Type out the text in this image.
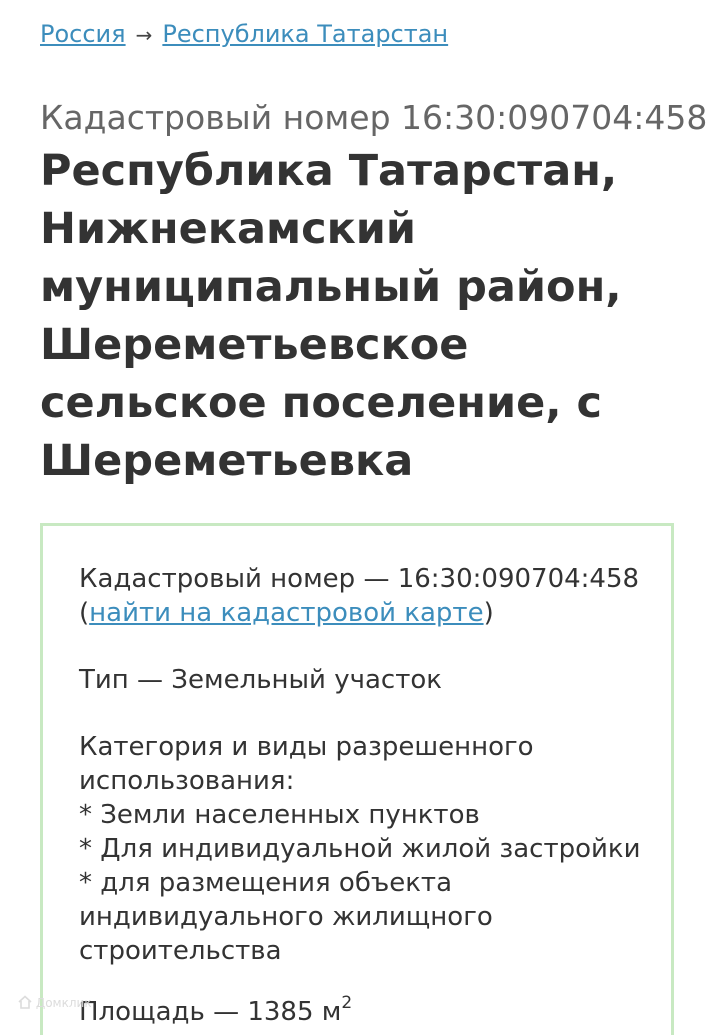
Россия → Республика Татарстан
Кадастровый номер 16:30:090704:458
Республика Татарстан, Нижнекамский муниципальный район, Шереметьевское сельское поселение, с Шереметьевка

Кадастровый номер — 16:30:090704:458

(найти на кадастровой карте)

Тип — Земельный участок

Категория и виды разрешенного использования:

* Земли населенных пунктов

* Для индивидуальной жилой застройки

* для размещения объекта индивидуального жилищного строительства

Площадь — 1385 $м^2$

Домклик
